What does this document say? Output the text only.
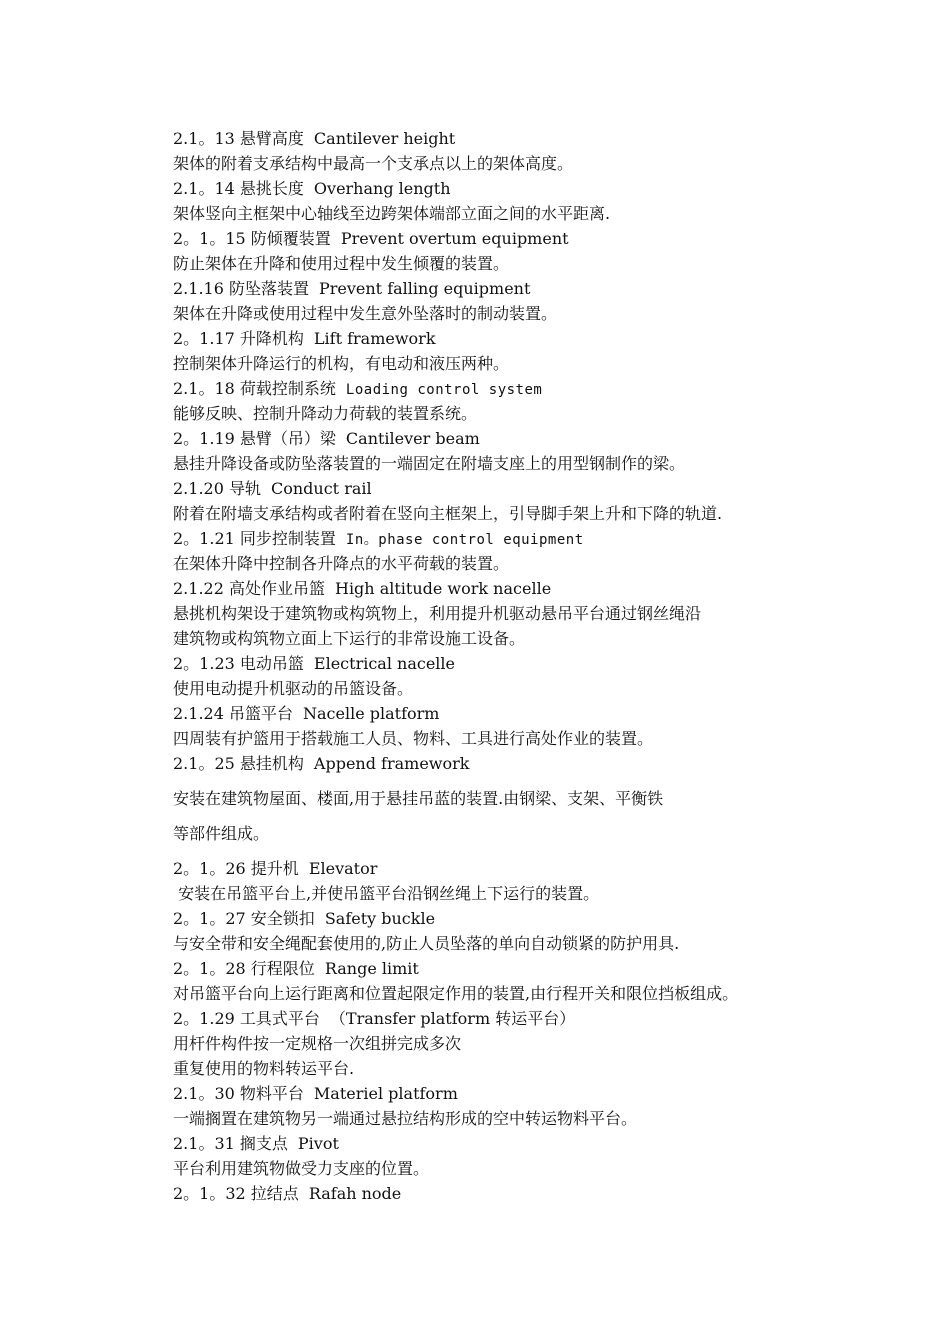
2.1。13 悬臂高度 Cantilever height
架体的附着支承结构中最高一个支承点以上的架体高度。
2.1。14 悬挑长度 Overhang length
架体竖向主框架中心轴线至边跨架体端部立面之间的水平距离.
2。1。15 防倾覆装置 Prevent overtum equipment
防止架体在升降和使用过程中发生倾覆的装置。
2.1.16 防坠落装置 Prevent falling equipment
架体在升降或使用过程中发生意外坠落时的制动装置。
2。1.17 升降机构 Lift framework
控制架体升降运行的机构，有电动和液压两种。
2.1。18 荷载控制系统 Loading control system
能够反映、控制升降动力荷载的装置系统。
2。1.19 悬臂（吊）梁 Cantilever beam
悬挂升降设备或防坠落装置的一端固定在附墙支座上的用型钢制作的梁。
2.1.20 导轨 Conduct rail
附着在附墙支承结构或者附着在竖向主框架上，引导脚手架上升和下降的轨道.
2。1.21 同步控制装置 In。phase control equipment
在架体升降中控制各升降点的水平荷载的装置。
2.1.22 高处作业吊篮 High altitude work nacelle
悬挑机构架设于建筑物或构筑物上，利用提升机驱动悬吊平台通过钢丝绳沿
建筑物或构筑物立面上下运行的非常设施工设备。
2。1.23 电动吊篮 Electrical nacelle
使用电动提升机驱动的吊篮设备。
2.1.24 吊篮平台 Nacelle platform
四周装有护篮用于搭载施工人员、物料、工具进行高处作业的装置。
2.1。25 悬挂机构 Append framework
安装在建筑物屋面、楼面,用于悬挂吊蓝的装置.由钢梁、支架、平衡铁
等部件组成。
2。1。26 提升机 Elevator
安装在吊篮平台上,并使吊篮平台沿钢丝绳上下运行的装置。
2。1。27 安全锁扣 Safety buckle
与安全带和安全绳配套使用的,防止人员坠落的单向自动锁紧的防护用具.
2。1。28 行程限位 Range limit
对吊篮平台向上运行距离和位置起限定作用的装置,由行程开关和限位挡板组成。
2。1.29 工具式平台 （Transfer platform 转运平台）
用杆件构件按一定规格一次组拼完成多次
重复使用的物料转运平台.
2.1。30 物料平台 Materiel platform
一端搁置在建筑物另一端通过悬拉结构形成的空中转运物料平台。
2.1。31 搁支点 Pivot
平台利用建筑物做受力支座的位置。
2。1。32 拉结点 Rafah node
